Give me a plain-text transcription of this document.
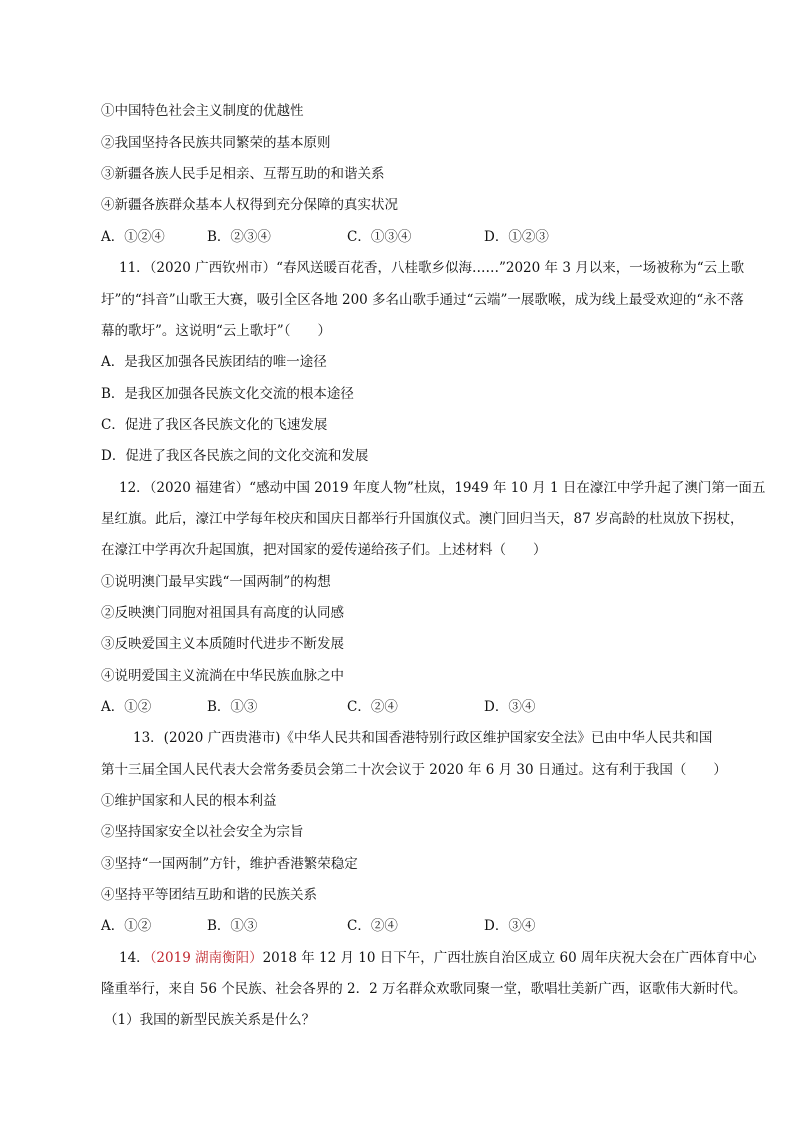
①中国特色社会主义制度的优越性
②我国坚持各民族共同繁荣的基本原则
③新疆各族人民手足相亲、互帮互助的和谐关系
④新疆各族群众基本人权得到充分保障的真实状况
A．①②④	B．②③④	C．①③④	D．①②③
11．（2020 广西钦州市）“春风送暖百花香，八桂歌乡似海……”2020 年 3 月以来，一场被称为“云上歌
圩”的“抖音”山歌王大赛，吸引全区各地 200 多名山歌手通过“云端”一展歌喉，成为线上最受欢迎的“永不落
幕的歌圩”。这说明“云上歌圩”（　　）
A．是我区加强各民族团结的唯一途径
B．是我区加强各民族文化交流的根本途径
C．促进了我区各民族文化的飞速发展
D．促进了我区各民族之间的文化交流和发展
12．（2020 福建省）“感动中国 2019 年度人物”杜岚，1949 年 10 月 1 日在濠江中学升起了澳门第一面五
星红旗。此后，濠江中学每年校庆和国庆日都举行升国旗仪式。澳门回归当天，87 岁高龄的杜岚放下拐杖，
在濠江中学再次升起国旗，把对国家的爱传递给孩子们。上述材料（　　）
①说明澳门最早实践“一国两制”的构想
②反映澳门同胞对祖国具有高度的认同感
③反映爱国主义本质随时代进步不断发展
④说明爱国主义流淌在中华民族血脉之中
A．①②	B．①③	C．②④	D．③④
13．(2020 广西贵港市)《中华人民共和国香港特别行政区维护国家安全法》已由中华人民共和国
第十三届全国人民代表大会常务委员会第二十次会议于 2020 年 6 月 30 日通过。这有利于我国（　　）
①维护国家和人民的根本利益
②坚持国家安全以社会安全为宗旨
③坚持“一国两制”方针，维护香港繁荣稳定
④坚持平等团结互助和谐的民族关系
A．①②	B．①③	C．②④	D．③④
14．（2019 湖南衡阳）2018 年 12 月 10 日下午，广西壮族自治区成立 60 周年庆祝大会在广西体育中心
隆重举行，来自 56 个民族、社会各界的 2．2 万名群众欢歌同聚一堂，歌唱壮美新广西，讴歌伟大新时代。
（1）我国的新型民族关系是什么？
